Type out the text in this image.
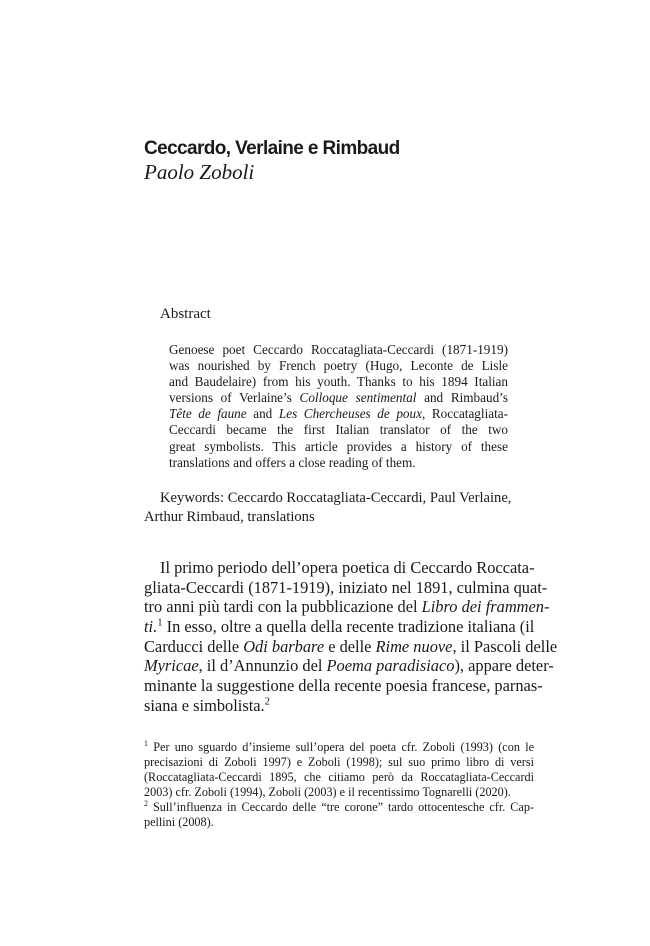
Ceccardo, Verlaine e Rimbaud
Paolo Zoboli
Abstract
Genoese poet Ceccardo Roccatagliata-Ceccardi (1871-1919)
was nourished by French poetry (Hugo, Leconte de Lisle
and Baudelaire) from his youth. Thanks to his 1894 Italian
versions of Verlaine’s Colloque sentimental and Rimbaud’s
Tête de faune and Les Chercheuses de poux, Roccatagliata-
Ceccardi became the first Italian translator of the two
great symbolists. This article provides a history of these
translations and offers a close reading of them.
Keywords: Ceccardo Roccatagliata-Ceccardi, Paul Verlaine,
Arthur Rimbaud, translations
Il primo periodo dell’opera poetica di Ceccardo Roccata-
gliata-Ceccardi (1871-1919), iniziato nel 1891, culmina quat-
tro anni più tardi con la pubblicazione del Libro dei frammen-
ti.$^1$ In esso, oltre a quella della recente tradizione italiana (il
Carducci delle Odi barbare e delle Rime nuove, il Pascoli delle
Myricae, il d’Annunzio del Poema paradisiaco), appare deter-
minante la suggestione della recente poesia francese, parnas-
siana e simbolista.$^2$
$^1$ Per uno sguardo d’insieme sull’opera del poeta cfr. Zoboli (1993) (con le
precisazioni di Zoboli 1997) e Zoboli (1998); sul suo primo libro di versi
(Roccatagliata-Ceccardi 1895, che citiamo però da Roccatagliata-Ceccardi
2003) cfr. Zoboli (1994), Zoboli (2003) e il recentissimo Tognarelli (2020).
$^2$ Sull’influenza in Ceccardo delle “tre corone” tardo ottocentesche cfr. Cap-
pellini (2008).
